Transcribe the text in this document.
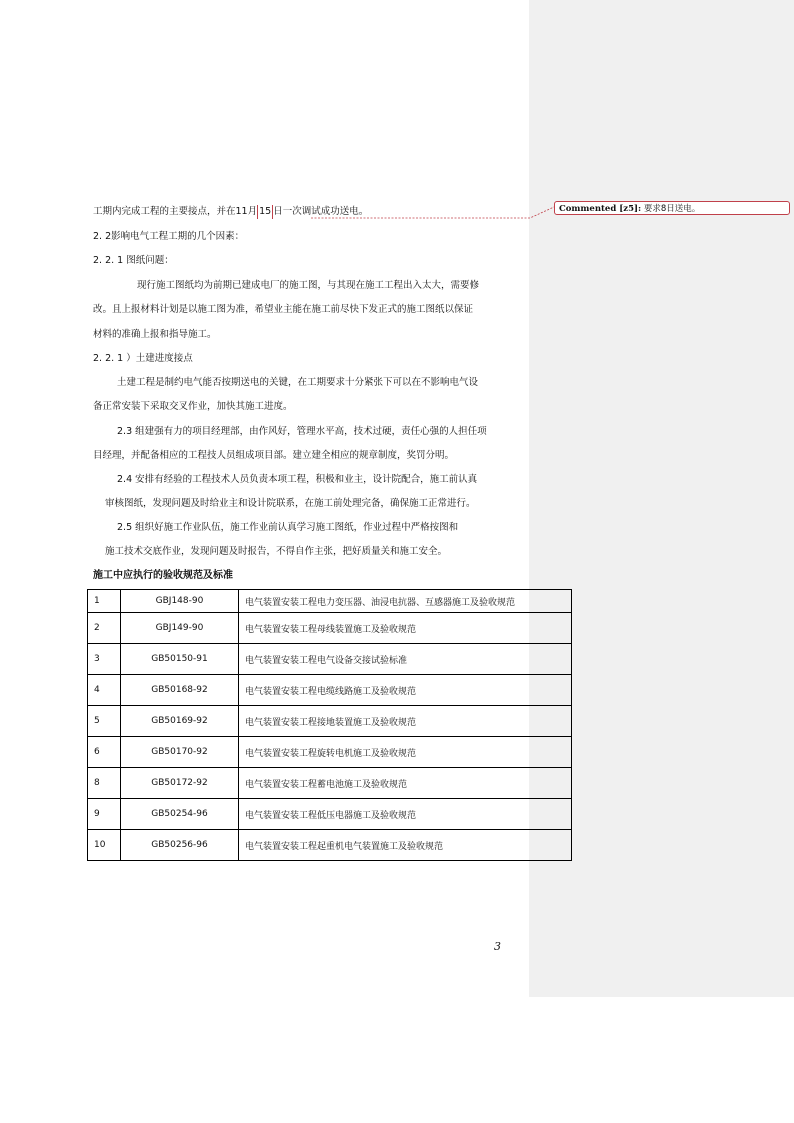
Commented [z5]: 要求8日送电。
工期内完成工程的主要接点，并在11月 15 日一次调试成功送电。
2. 2影响电气工程工期的几个因素：
2. 2. 1 图纸问题：
现行施工图纸均为前期已建成电厂的施工图，与其现在施工工程出入太大，需要修
改。且上报材料计划是以施工图为准，希望业主能在施工前尽快下发正式的施工图纸以保证
材料的准确上报和指导施工。
2. 2. 1 ）土建进度接点
土建工程是制约电气能否按期送电的关键，在工期要求十分紧张下可以在不影响电气设
备正常安装下采取交叉作业，加快其施工进度。
2.3 组建强有力的项目经理部，由作风好，管理水平高，技术过硬，责任心强的人担任项
目经理，并配备相应的工程技人员组成项目部。建立建全相应的规章制度，奖罚分明。
2.4 安排有经验的工程技术人员负责本项工程，积极和业主，设计院配合，施工前认真
审核图纸，发现问题及时给业主和设计院联系，在施工前处理完备，确保施工正常进行。
2.5 组织好施工作业队伍，施工作业前认真学习施工图纸，作业过程中严格按图和
施工技术交底作业，发现问题及时报告，不得自作主张，把好质量关和施工安全。
施工中应执行的验收规范及标准
1	GBJ148-90	电气装置安装工程电力变压器、油浸电抗器、互感器施工及验收规范
2	GBJ149-90	电气装置安装工程母线装置施工及验收规范
3	GB50150-91	电气装置安装工程电气设备交接试验标准
4	GB50168-92	电气装置安装工程电缆线路施工及验收规范
5	GB50169-92	电气装置安装工程接地装置施工及验收规范
6	GB50170-92	电气装置安装工程旋转电机施工及验收规范
8	GB50172-92	电气装置安装工程蓄电池施工及验收规范
9	GB50254-96	电气装置安装工程低压电器施工及验收规范
10	GB50256-96	电气装置安装工程起重机电气装置施工及验收规范
3
